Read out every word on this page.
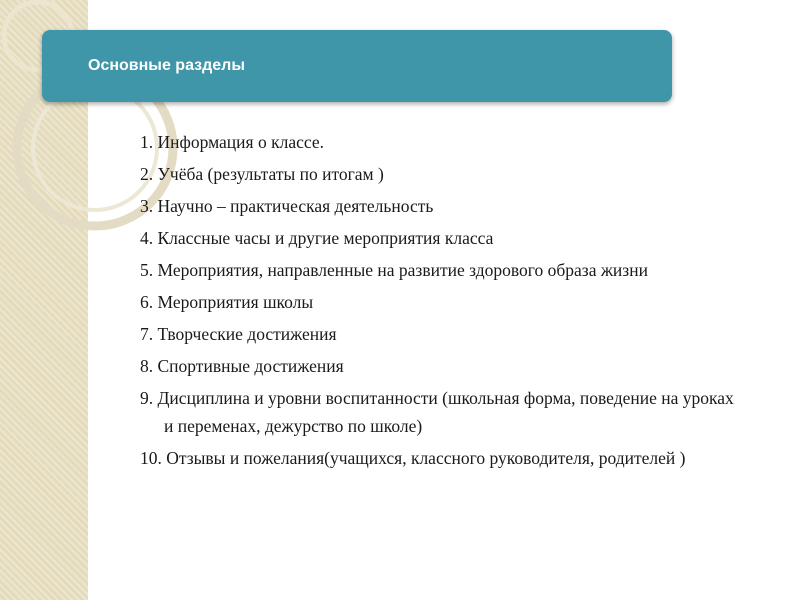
Основные разделы
1. Информация о классе.
2. Учёба (результаты по итогам )
3. Научно – практическая деятельность
4. Классные часы и другие мероприятия класса
5. Мероприятия, направленные на развитие здорового образа жизни
6. Мероприятия школы
7. Творческие достижения
8. Спортивные достижения
9. Дисциплина и уровни воспитанности (школьная форма, поведение на уроках и переменах, дежурство по школе)
10. Отзывы и пожелания(учащихся, классного руководителя, родителей )
